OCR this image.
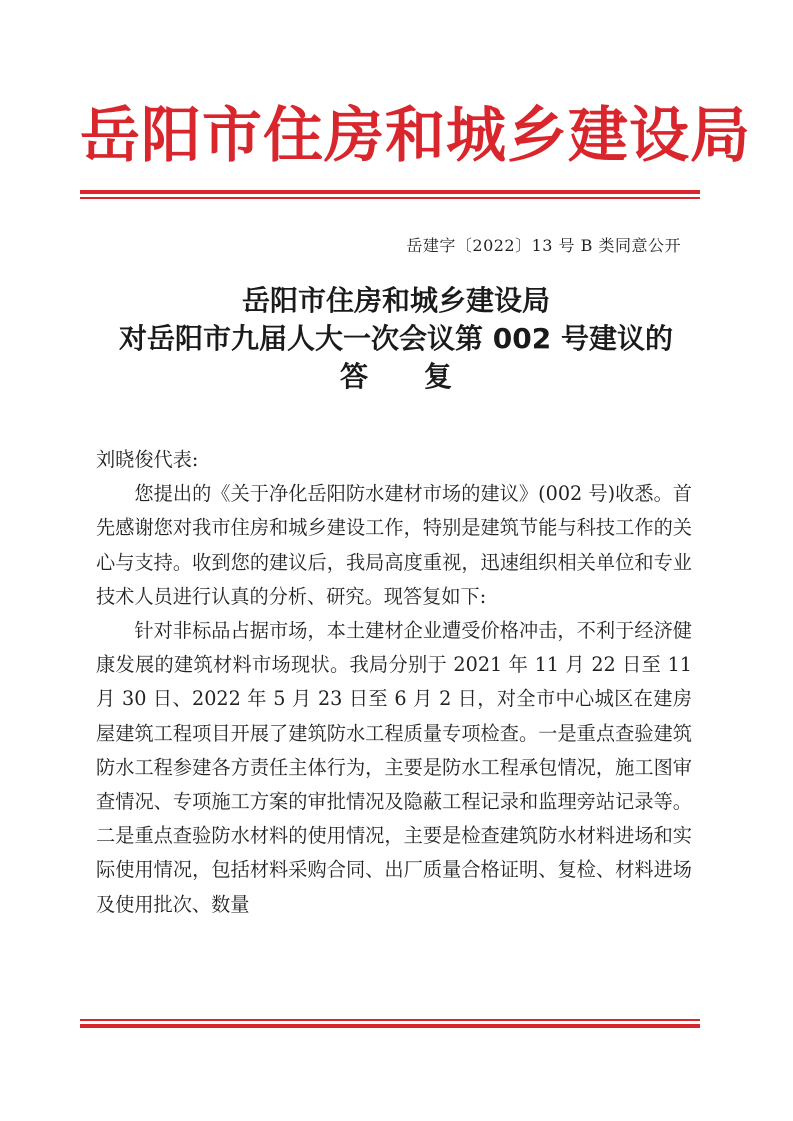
岳阳市住房和城乡建设局
岳建字〔2022〕13 号 B 类同意公开
岳阳市住房和城乡建设局
对岳阳市九届人大一次会议第 002 号建议的
答复

刘晓俊代表:

您提出的《关于净化岳阳防水建材市场的建议》(002 号)收悉。首先感谢您对我市住房和城乡建设工作，特别是建筑节能与科技工作的关心与支持。收到您的建议后，我局高度重视，迅速组织相关单位和专业技术人员进行认真的分析、研究。现答复如下:

针对非标品占据市场，本土建材企业遭受价格冲击，不利于经济健康发展的建筑材料市场现状。我局分别于 2021 年 11 月 22 日至 11 月 30 日、2022 年 5 月 23 日至 6 月 2 日，对全市中心城区在建房屋建筑工程项目开展了建筑防水工程质量专项检查。一是重点查验建筑防水工程参建各方责任主体行为，主要是防水工程承包情况，施工图审查情况、专项施工方案的审批情况及隐蔽工程记录和监理旁站记录等。二是重点查验防水材料的使用情况，主要是检查建筑防水材料进场和实际使用情况，包括材料采购合同、出厂质量合格证明、复检、材料进场及使用批次、数量
